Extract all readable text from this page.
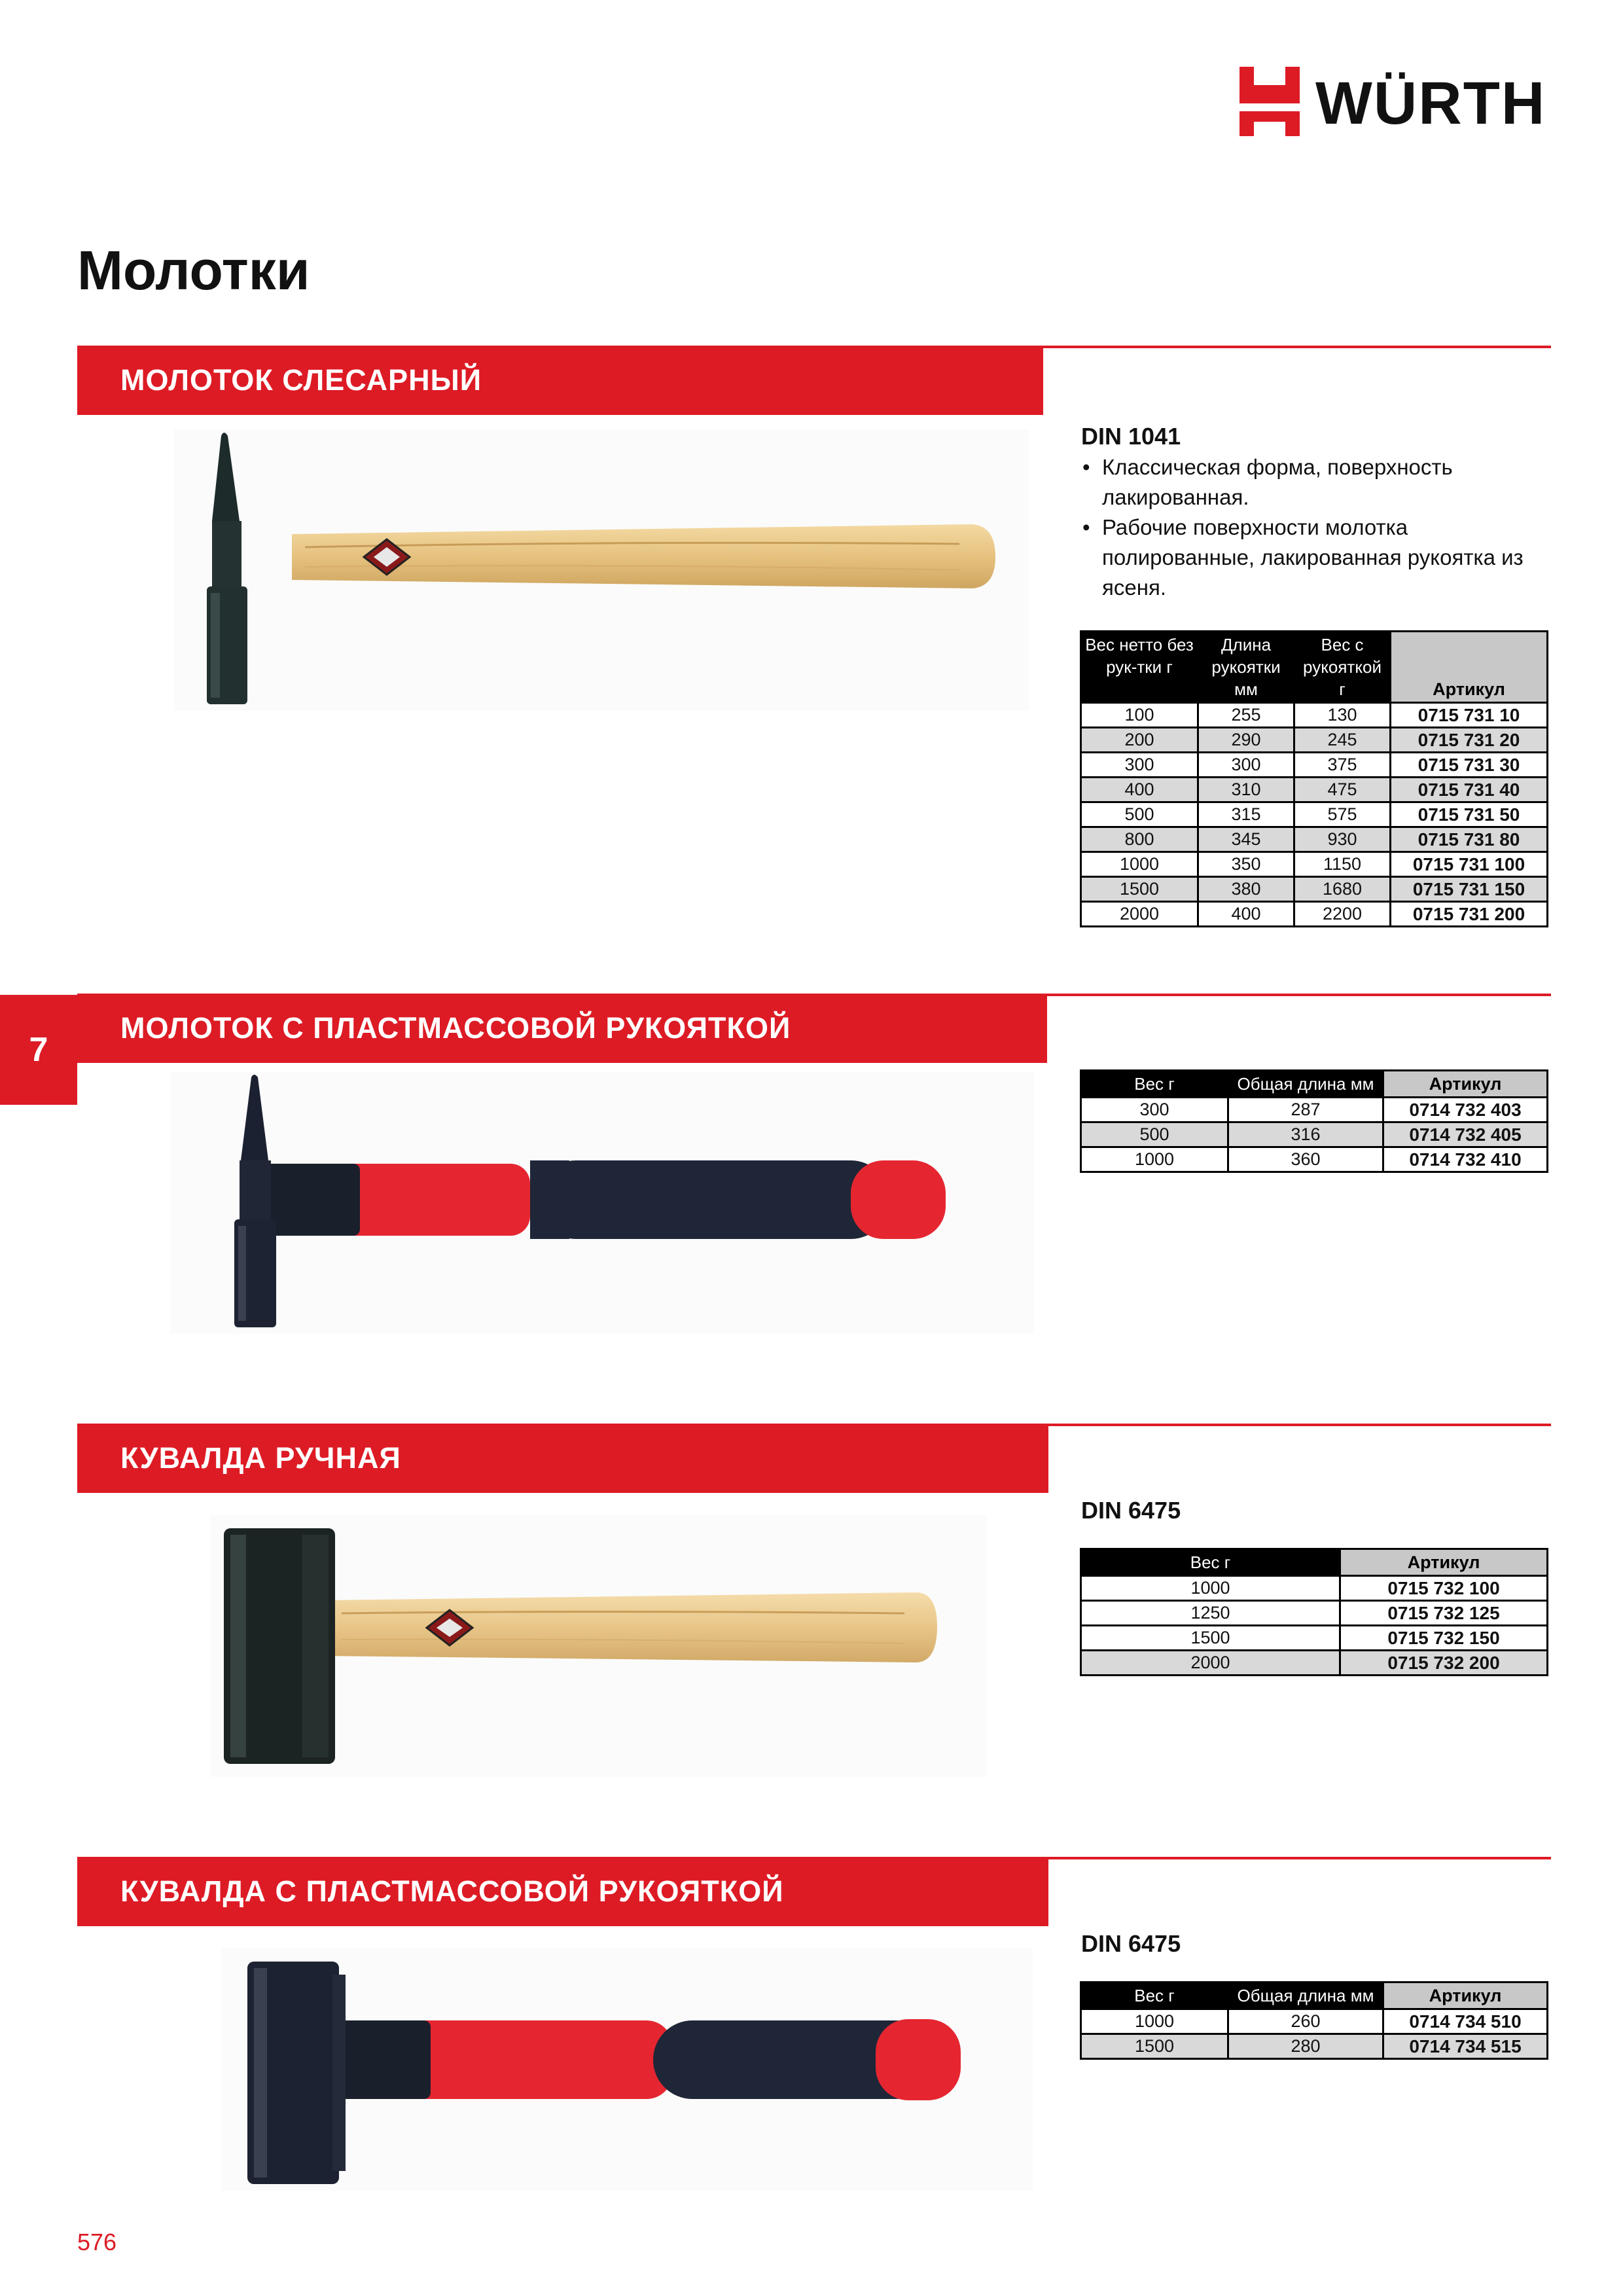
WÜRTH
Молотки
МОЛОТОК СЛЕСАРНЫЙ
DIN 1041
• Классическая форма, поверхность лакированная.
• Рабочие поверхности молотка полированные, лакированная рукоятка из ясеня.
Вес нетто без рук-тки г	Длина рукоятки мм	Вес с рукояткой г	Артикул
100	255	130	0715 731 10
200	290	245	0715 731 20
300	300	375	0715 731 30
400	310	475	0715 731 40
500	315	575	0715 731 50
800	345	930	0715 731 80
1000	350	1150	0715 731 100
1500	380	1680	0715 731 150
2000	400	2200	0715 731 200
7
МОЛОТОК С ПЛАСТМАССОВОЙ РУКОЯТКОЙ
Вес г	Общая длина мм	Артикул
300	287	0714 732 403
500	316	0714 732 405
1000	360	0714 732 410
КУВАЛДА РУЧНАЯ
DIN 6475
Вес г	Артикул
1000	0715 732 100
1250	0715 732 125
1500	0715 732 150
2000	0715 732 200
КУВАЛДА С ПЛАСТМАССОВОЙ РУКОЯТКОЙ
DIN 6475
Вес г	Общая длина мм	Артикул
1000	260	0714 734 510
1500	280	0714 734 515
576
